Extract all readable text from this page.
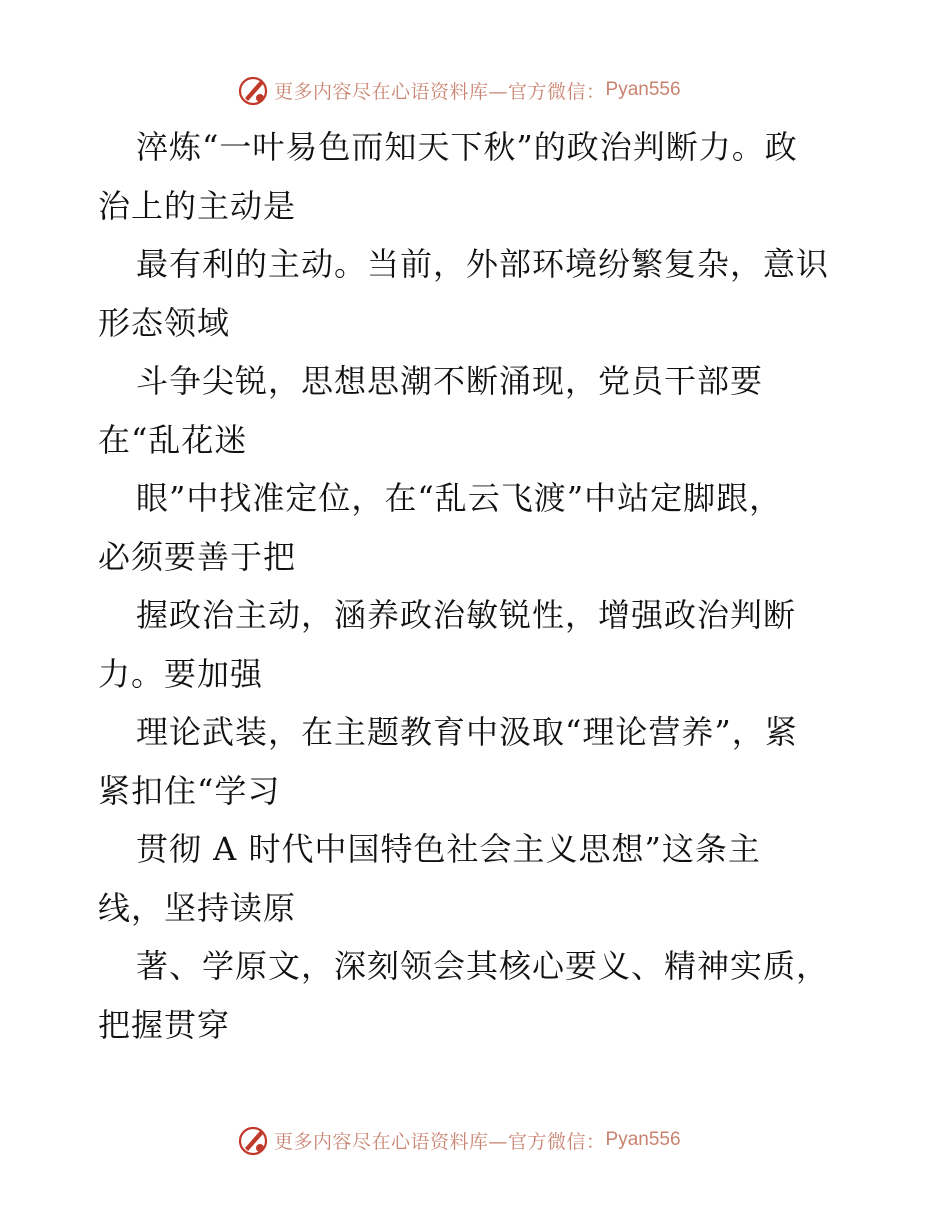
更多内容尽在心语资料库—官方微信： Pyan556
淬炼“一叶易色而知天下秋”的政治判断力。政
治上的主动是
最有利的主动。当前，外部环境纷繁复杂，意识
形态领域
斗争尖锐，思想思潮不断涌现，党员干部要
在“乱花迷
眼”中找准定位，在“乱云飞渡”中站定脚跟，
必须要善于把
握政治主动，涵养政治敏锐性，增强政治判断
力。要加强
理论武装，在主题教育中汲取“理论营养”，紧
紧扣住“学习
贯彻 A 时代中国特色社会主义思想”这条主
线，坚持读原
著、学原文，深刻领会其核心要义、精神实质，
把握贯穿
更多内容尽在心语资料库—官方微信： Pyan556
